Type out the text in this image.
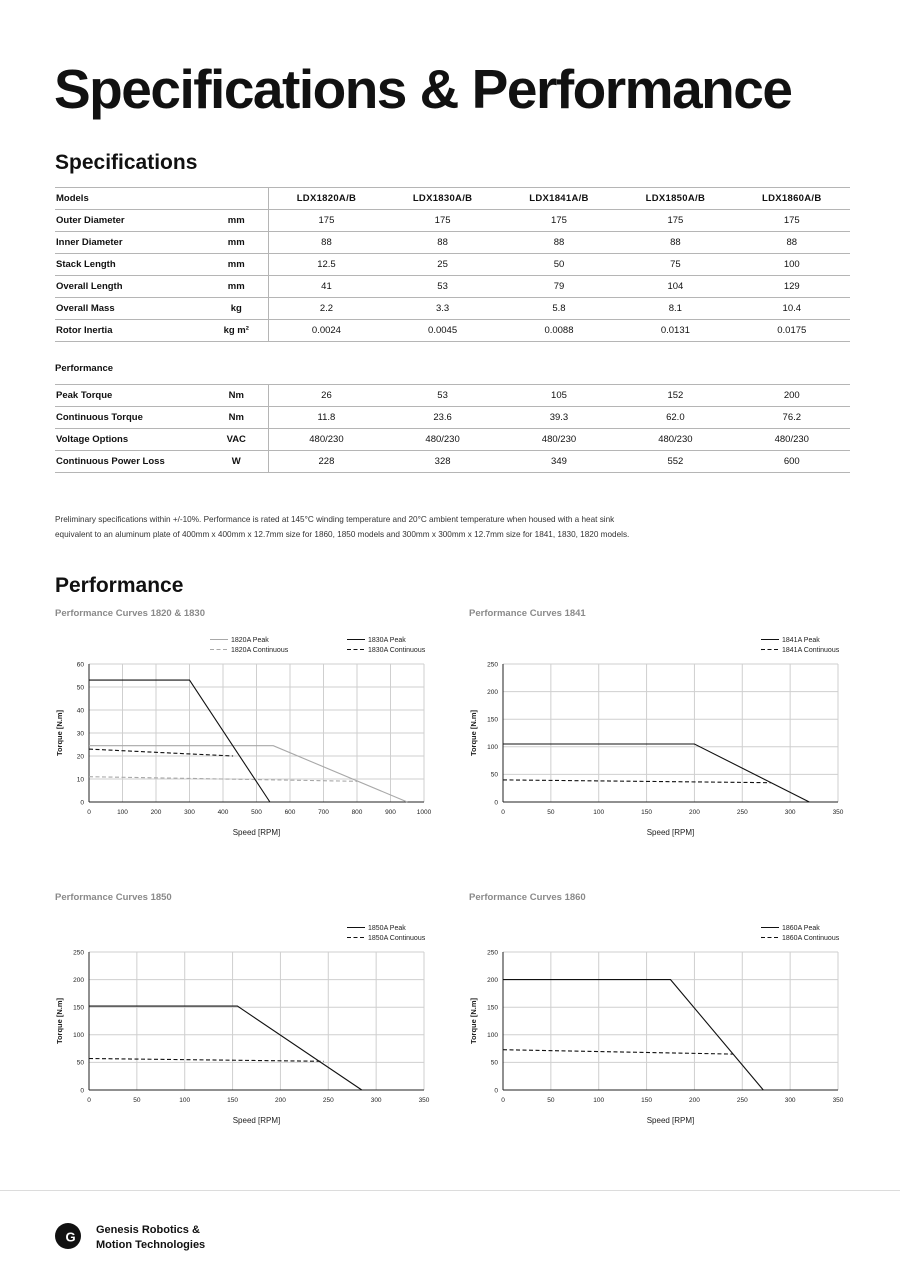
Specifications & Performance
Specifications
Models		LDX1820A/B	LDX1830A/B	LDX1841A/B	LDX1850A/B	LDX1860A/B
Outer Diameter	mm	175	175	175	175	175
Inner Diameter	mm	88	88	88	88	88
Stack Length	mm	12.5	25	50	75	100
Overall Length	mm	41	53	79	104	129
Overall Mass	kg	2.2	3.3	5.8	8.1	10.4
Rotor Inertia	kg m²	0.0024	0.0045	0.0088	0.0131	0.0175
Performance
Peak Torque	Nm	26	53	105	152	200
Continuous Torque	Nm	11.8	23.6	39.3	62.0	76.2
Voltage Options	VAC	480/230	480/230	480/230	480/230	480/230
Continuous Power Loss	W	228	328	349	552	600

Preliminary specifications within +/-10%. Performance is rated at 145°C winding temperature and 20°C ambient temperature when housed with a heat sink

equivalent to an aluminum plate of 400mm x 400mm x 12.7mm size for 1860, 1850 models and 300mm x 300mm x 12.7mm size for 1841, 1830, 1820 models.

Performance
Performance Curves 1820 & 1830
0	100	200	300	400	500	600	700	800	900	1000
0
10
20
30
40
50
60
Speed [RPM]
Torque [N.m]
1820A Peak
1820A Continuous
1830A Peak
1830A Continuous
Performance Curves 1841
0	50	100	150	200	250	300	350
0
50
100
150
200
250
Speed [RPM]
Torque [N.m]
1841A Peak
1841A Continuous
Performance Curves 1850
0	50	100	150	200	250	300	350
0
50
100
150
200
250
Speed [RPM]
Torque [N.m]
1850A Peak
1850A Continuous
Performance Curves 1860
0	50	100	150	200	250	300	350
0
50
100
150
200
250
Speed [RPM]
Torque [N.m]
1860A Peak
1860A Continuous
G Genesis Robotics &
Motion Technologies
